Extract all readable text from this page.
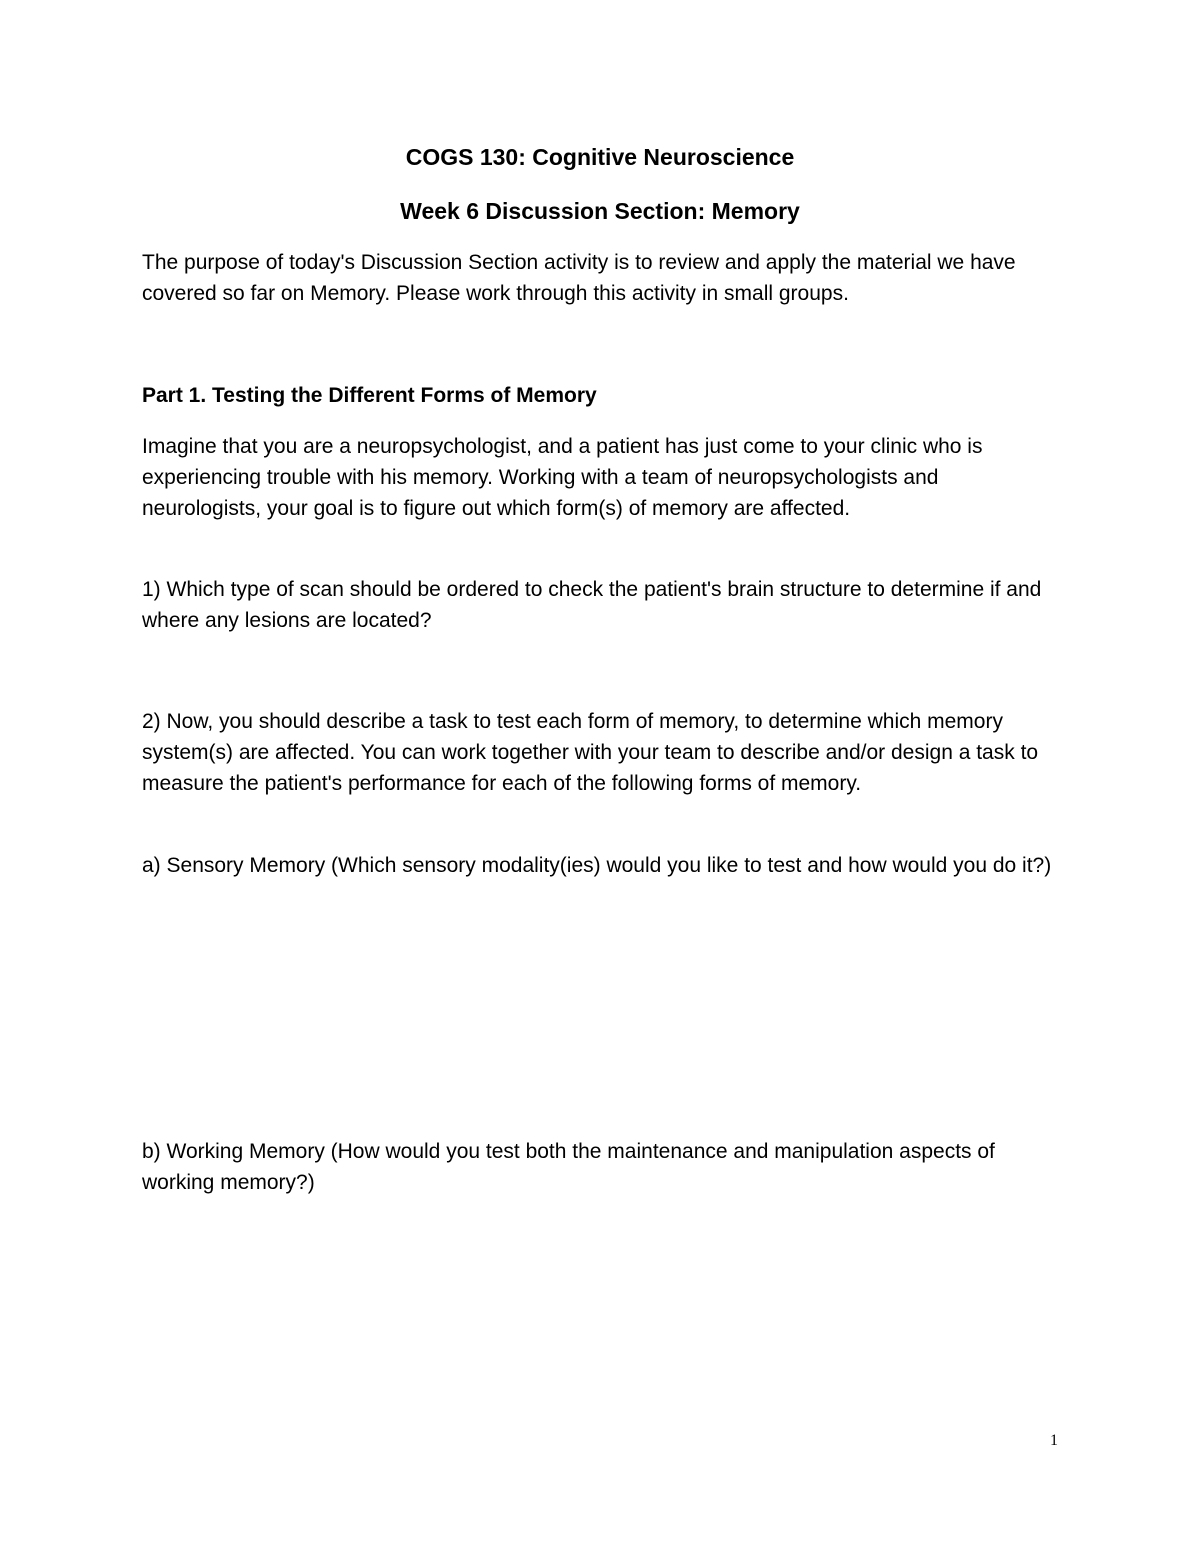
COGS 130: Cognitive Neuroscience
Week 6 Discussion Section: Memory

The purpose of today's Discussion Section activity is to review and apply the material we have covered so far on Memory. Please work through this activity in small groups.

Part 1. Testing the Different Forms of Memory

Imagine that you are a neuropsychologist, and a patient has just come to your clinic who is experiencing trouble with his memory. Working with a team of neuropsychologists and neurologists, your goal is to figure out which form(s) of memory are affected.

1) Which type of scan should be ordered to check the patient's brain structure to determine if and where any lesions are located?

2) Now, you should describe a task to test each form of memory, to determine which memory system(s) are affected. You can work together with your team to describe and/or design a task to measure the patient's performance for each of the following forms of memory.

a) Sensory Memory (Which sensory modality(ies) would you like to test and how would you do it?)

b) Working Memory (How would you test both the maintenance and manipulation aspects of working memory?)

1
